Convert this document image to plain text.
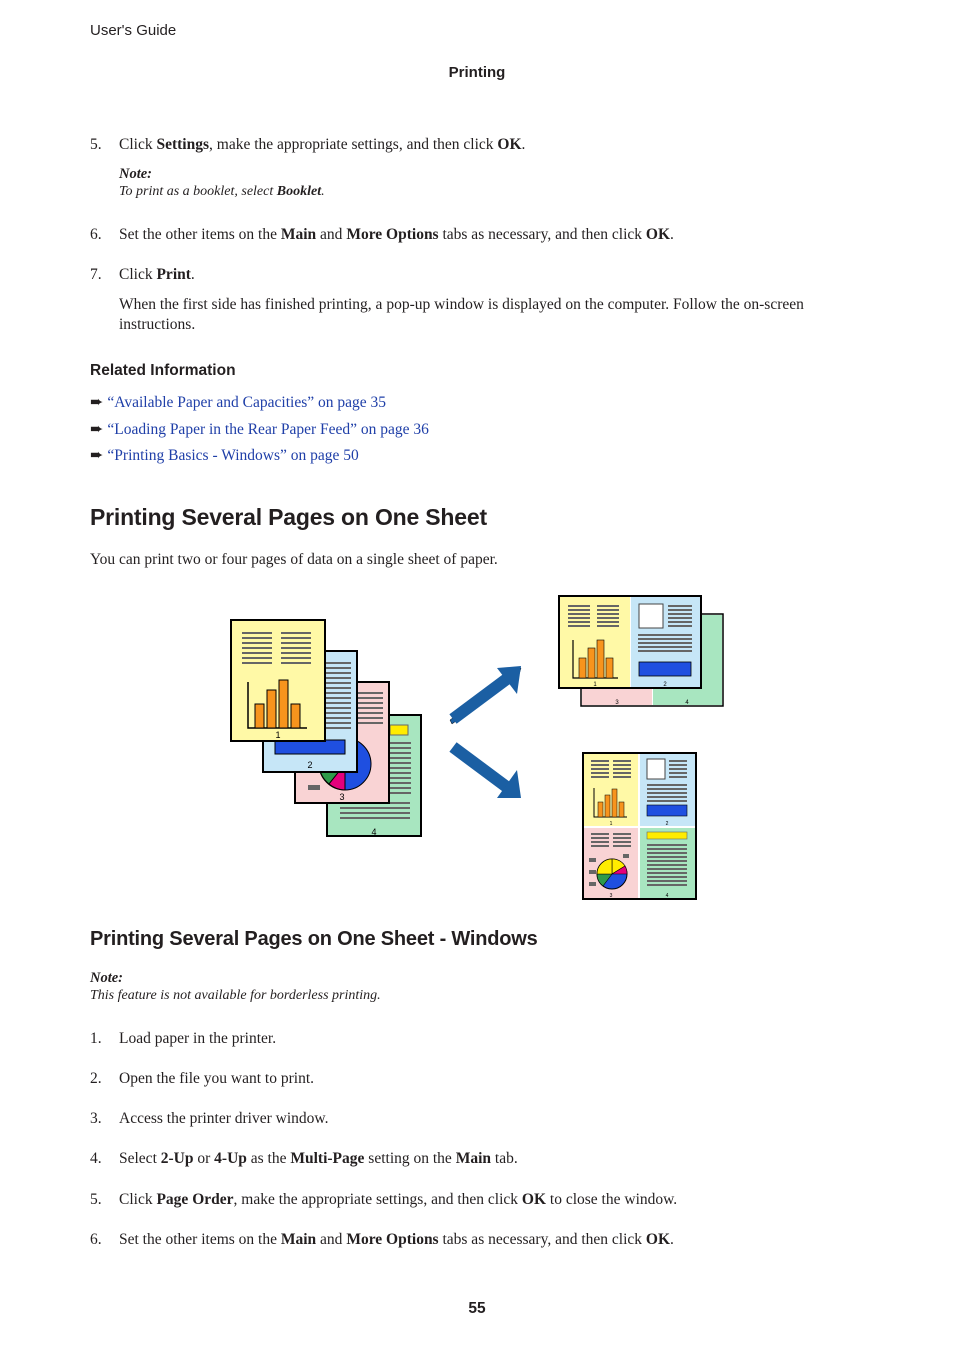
User's Guide
Printing
5.	Click Settings, make the appropriate settings, and then click OK.
Note:
To print as a booklet, select Booklet.
6.	Set the other items on the Main and More Options tabs as necessary, and then click OK.
7.	Click Print.
When the first side has finished printing, a pop-up window is displayed on the computer. Follow the on-screen instructions.
Related Information
➨ “Available Paper and Capacities” on page 35
➨ “Loading Paper in the Rear Paper Feed” on page 36
➨ “Printing Basics - Windows” on page 50
Printing Several Pages on One Sheet
You can print two or four pages of data on a single sheet of paper.
4
3
2
1
1	2
3	4
1	2
3	4
Printing Several Pages on One Sheet - Windows
Note:
This feature is not available for borderless printing.
1.	Load paper in the printer.
2.	Open the file you want to print.
3.	Access the printer driver window.
4.	Select 2-Up or 4-Up as the Multi-Page setting on the Main tab.
5.	Click Page Order, make the appropriate settings, and then click OK to close the window.
6.	Set the other items on the Main and More Options tabs as necessary, and then click OK.
55
